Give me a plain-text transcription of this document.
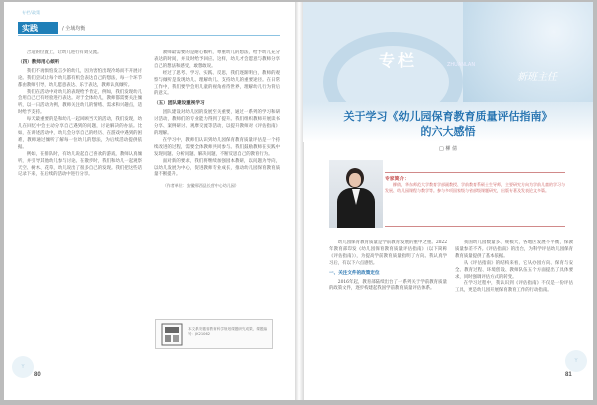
专栏/政策
实践	/ 全域均衡

合适的位置上，让幼儿进行有效交流。

（四）教师用心倾听

我们不再惧怕发言少的幼儿，因为害怕出现冷场而不开展讨论。我们尝试让每个幼儿都有机会表达自己的想法，每一个环节都由教师引导，幼儿愿意表达、乐于表达，教师认真倾听。

我们在活动中对幼儿的表现给予肯定，例如，我们发现幼儿会用自己已有经验进行表达。对于全体幼儿，教师都需要关注倾听，以一日活动为例，教师关注幼儿的情绪、需求和兴趣点，适时给予支持。

每天最重要的是和幼儿一起回顾当天的活动，我们发现，幼儿在回忆中会主动分享自己遇到的问题，讨论解决的办法。比如，在讲述活动中，幼儿会分享自己的经历、在游戏中遇到的困难，教师通过倾听了解每一位幼儿的想法，为后续活动提供依据。

例如，在排队时，有幼儿说起自己喜欢的游戏，教师认真倾听，并引导其他幼儿参与讨论。在散步时，我们和幼儿一起观察天空、树木、花草，幼儿说出了很多自己的发现。我们把这些话记录下来，在后续的活动中进行分享。

教师最需要的是耐心倾听，尊重幼儿的想法，给予幼儿充分表达的时间，并及时给予回应。这样，幼儿才会愿意与教师分享自己的想法和感受，敢想敢说。

经过了思考、学习、实践、反思，我们逐渐明白，教师的观察与倾听是发现幼儿、理解幼儿、支持幼儿的重要途径。在日常工作中，我们要学会用儿童的视角看待世界，理解幼儿行为背后的意义。

（五）团队建设重视学习

团队建设对幼儿园的发展至关重要，通过一系列的学习和研讨活动，教师们的专业能力得到了提升。我们组织教师开展读书分享、案例研讨、观摩交流等活动，以提升教师对《评估指南》的理解。

在学习中，教师们认识到幼儿园保育教育质量评估是一个持续改进的过程，需要全体教师共同参与。我们鼓励教师在实践中发现问题、分析问题、解决问题，不断反思自己的教育行为。

面对新的要求，我们将继续加强园本教研，以问题为导向，以幼儿发展为中心，促进教师专业成长，推动幼儿园保育教育质量不断提升。

（作者单位：安徽邢西县长营中心幼儿园）

本文系安徽省教育科学规划课题研究成果，课题编号：JK21062
Y
80
专栏	ZHUANLAN
新班主任
关于学习《幼儿园保育教育质量评估指南》
的六大感悟
□ 柳 倩
专家简介：
柳倩，华东师范大学教育学部副教授、学前教育系硕士生导师，主要研究方向为学前儿童的学习与发展、幼儿园课程与教学等。参与多项国家级与省部级课题研究，出版专著及发表论文多篇。

幼儿园保育教育质量是学前教育发展的重中之重。2022年教育部印发《幼儿园保育教育质量评估指南》（以下简称《评估指南》），为提高学前教育质量指明了方向。我认真学习后，有以下六点感悟。

一、关注文件的政策定位

2016年起，教育部陆续出台了一系列关于学前教育质量的政策文件，逐步构建起我国学前教育质量评估体系。

我国幼儿园数量多、规模大，各地区发展不平衡，保教质量参差不齐。《评估指南》的出台，为科学评估幼儿园保育教育质量提供了基本依据。

从《评估指南》的结构来看，它从办园方向、保育与安全、教育过程、环境创设、教师队伍五个方面提出了具体要求，同时强调评估方式的转变。

在学习过程中，我认识到《评估指南》不仅是一份评估工具，更是幼儿园开展保育教育工作的行动指南。

81
Y
